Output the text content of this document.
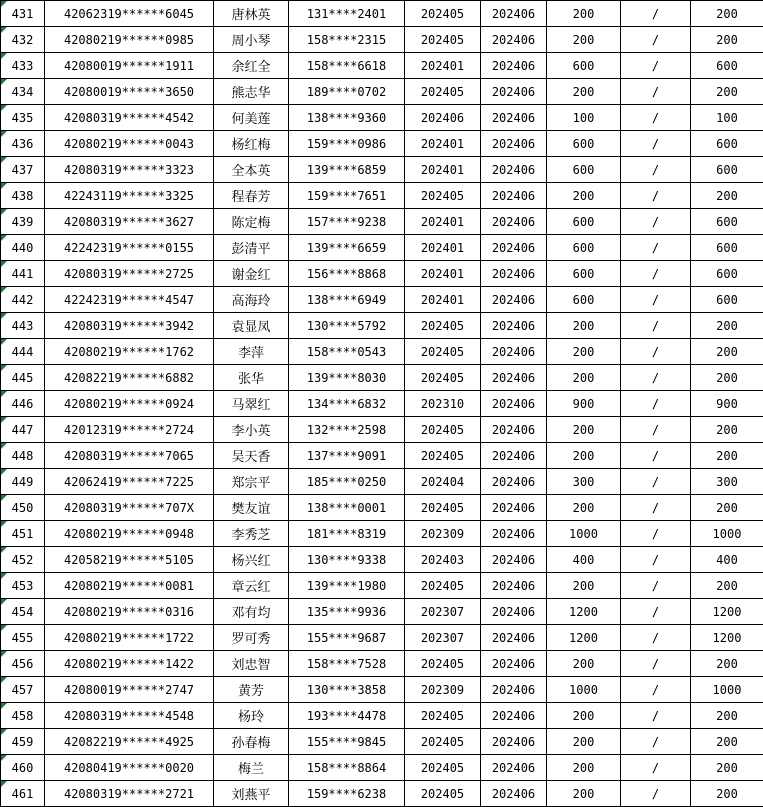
431	42062319******6045	唐林英	131****2401	202405	202406	200	/	200
432	42080219******0985	周小琴	158****2315	202405	202406	200	/	200
433	42080019******1911	余红全	158****6618	202401	202406	600	/	600
434	42080019******3650	熊志华	189****0702	202405	202406	200	/	200
435	42080319******4542	何美莲	138****9360	202406	202406	100	/	100
436	42080219******0043	杨红梅	159****0986	202401	202406	600	/	600
437	42080319******3323	全本英	139****6859	202401	202406	600	/	600
438	42243119******3325	程春芳	159****7651	202405	202406	200	/	200
439	42080319******3627	陈定梅	157****9238	202401	202406	600	/	600
440	42242319******0155	彭清平	139****6659	202401	202406	600	/	600
441	42080319******2725	谢金红	156****8868	202401	202406	600	/	600
442	42242319******4547	高海玲	138****6949	202401	202406	600	/	600
443	42080319******3942	袁显凤	130****5792	202405	202406	200	/	200
444	42080219******1762	李萍	158****0543	202405	202406	200	/	200
445	42082219******6882	张华	139****8030	202405	202406	200	/	200
446	42080219******0924	马翠红	134****6832	202310	202406	900	/	900
447	42012319******2724	李小英	132****2598	202405	202406	200	/	200
448	42080319******7065	吴天香	137****9091	202405	202406	200	/	200
449	42062419******7225	郑宗平	185****0250	202404	202406	300	/	300
450	42080319******707X	樊友谊	138****0001	202405	202406	200	/	200
451	42080219******0948	李秀芝	181****8319	202309	202406	1000	/	1000
452	42058219******5105	杨兴红	130****9338	202403	202406	400	/	400
453	42080219******0081	章云红	139****1980	202405	202406	200	/	200
454	42080219******0316	邓有均	135****9936	202307	202406	1200	/	1200
455	42080219******1722	罗可秀	155****9687	202307	202406	1200	/	1200
456	42080219******1422	刘忠智	158****7528	202405	202406	200	/	200
457	42080019******2747	黄芳	130****3858	202309	202406	1000	/	1000
458	42080319******4548	杨玲	193****4478	202405	202406	200	/	200
459	42082219******4925	孙春梅	155****9845	202405	202406	200	/	200
460	42080419******0020	梅兰	158****8864	202405	202406	200	/	200
461	42080319******2721	刘燕平	159****6238	202405	202406	200	/	200
